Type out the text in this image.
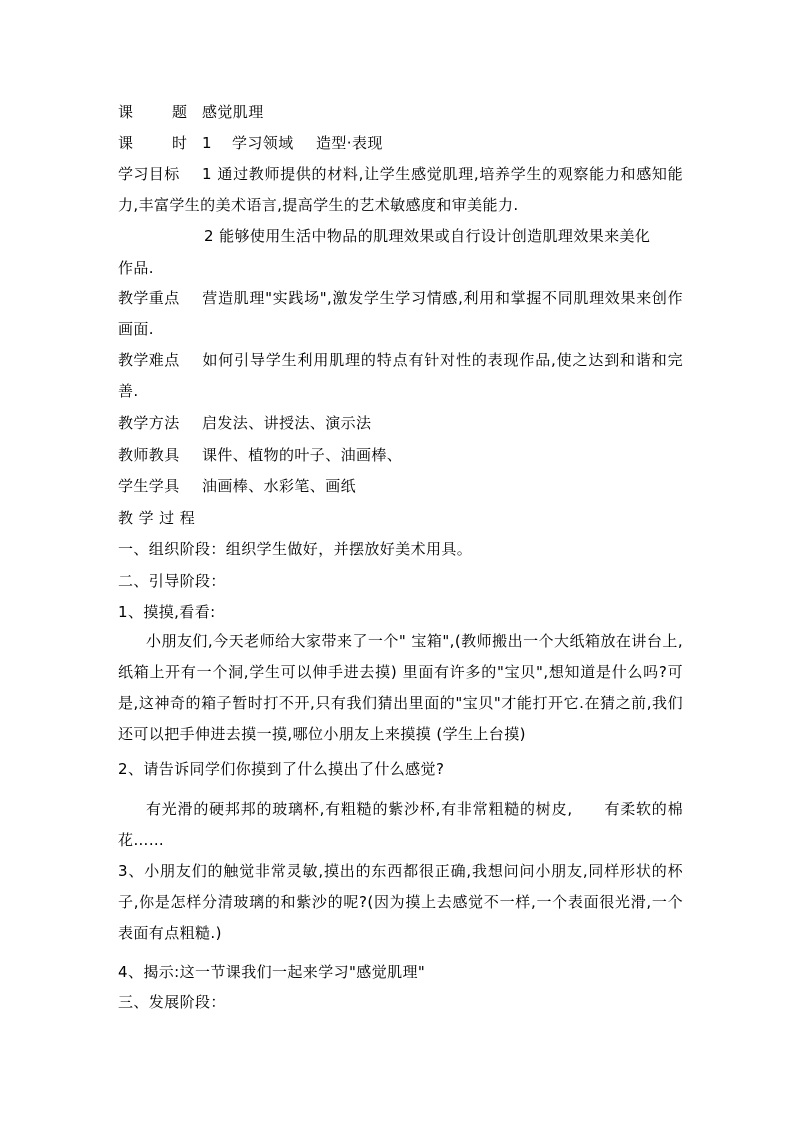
课	题 感觉肌理
课	时 1 学习领域 造型·表现
学习目标 1 通过教师提供的材料,让学生感觉肌理,培养学生的观察能力和感知能力,丰富学生的美术语言,提高学生的艺术敏感度和审美能力.
2 能够使用生活中物品的肌理效果或自行设计创造肌理效果来美化
作品.
教学重点 营造肌理"实践场",激发学生学习情感,利用和掌握不同肌理效果来创作画面.
教学难点 如何引导学生利用肌理的特点有针对性的表现作品,使之达到和谐和完善.
教学方法 启发法、讲授法、演示法
教师教具 课件、植物的叶子、油画棒、
学生学具 油画棒、水彩笔、画纸
教 学 过 程
一、组织阶段：组织学生做好，并摆放好美术用具。
二、引导阶段：
1、摸摸,看看:
小朋友们,今天老师给大家带来了一个" 宝箱",(教师搬出一个大纸箱放在讲台上,纸箱上开有一个洞,学生可以伸手进去摸) 里面有许多的"宝贝",想知道是什么吗?可是,这神奇的箱子暂时打不开,只有我们猜出里面的"宝贝"才能打开它.在猜之前,我们还可以把手伸进去摸一摸,哪位小朋友上来摸摸 (学生上台摸)
2、请告诉同学们你摸到了什么摸出了什么感觉?
有光滑的硬邦邦的玻璃杯,有粗糙的紫沙杯,有非常粗糙的树皮,　　有柔软的棉花……
3、小朋友们的触觉非常灵敏,摸出的东西都很正确,我想问问小朋友,同样形状的杯子,你是怎样分清玻璃的和紫沙的呢?(因为摸上去感觉不一样,一个表面很光滑,一个表面有点粗糙.)
4、揭示:这一节课我们一起来学习"感觉肌理"
三、发展阶段：
